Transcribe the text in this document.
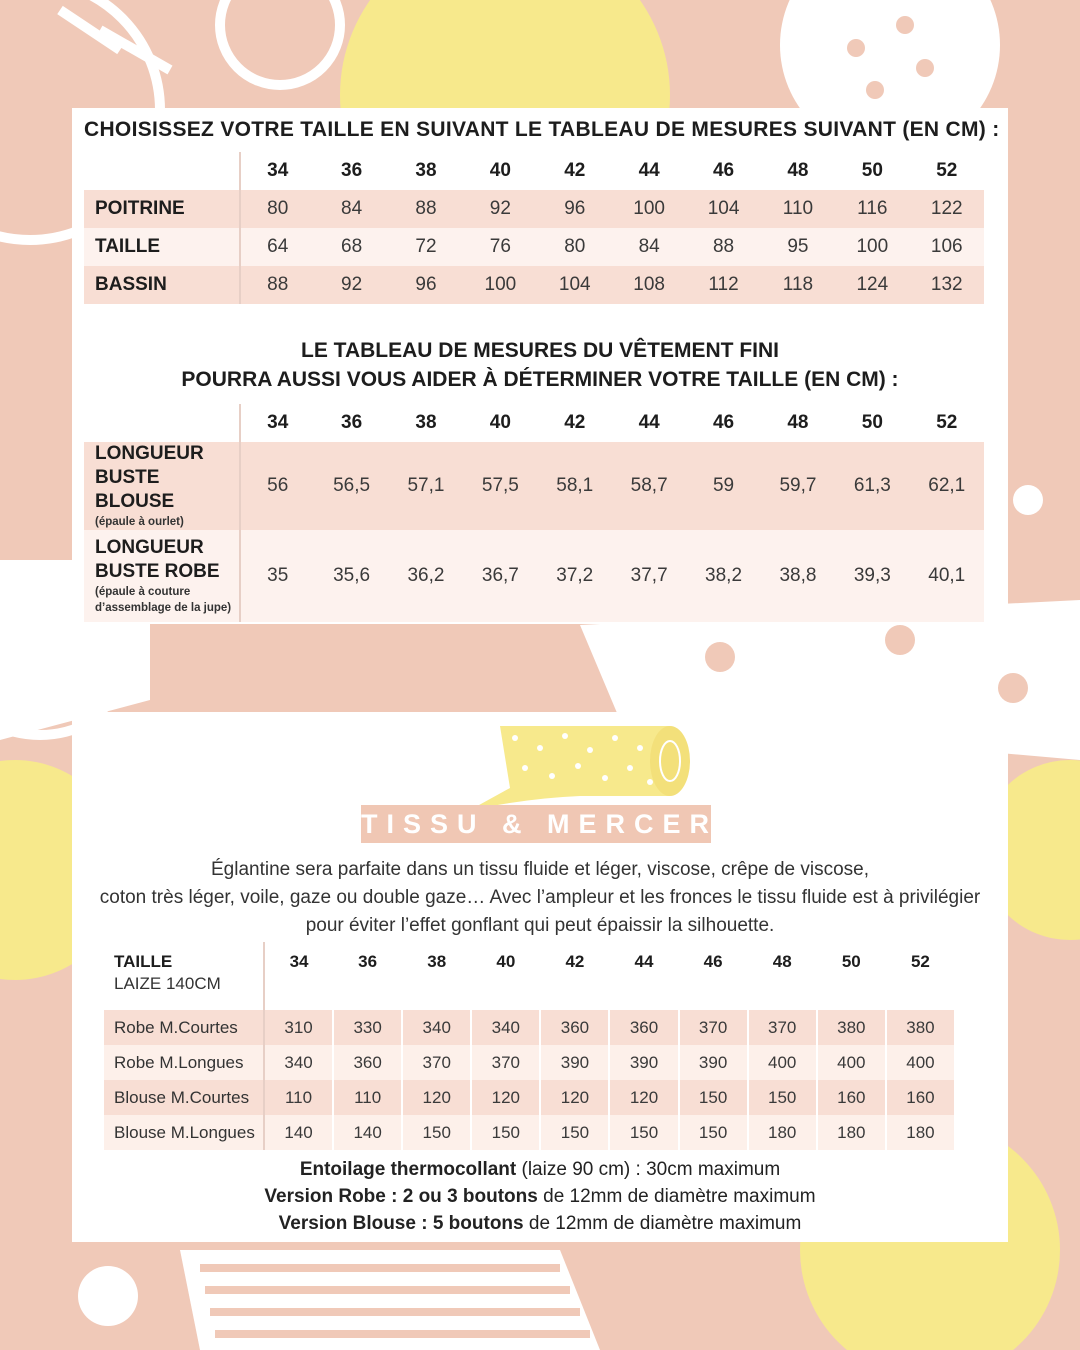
CHOISISSEZ VOTRE TAILLE EN SUIVANT LE TABLEAU DE MESURES SUIVANT (EN CM) :
	34	36	38	40	42	44	46	48	50	52
POITRINE	80	84	88	92	96	100	104	110	116	122
TAILLE	64	68	72	76	80	84	88	95	100	106
BASSIN	88	92	96	100	104	108	112	118	124	132
LE TABLEAU DE MESURES DU VÊTEMENT FINI
POURRA AUSSI VOUS AIDER À DÉTERMINER VOTRE TAILLE (EN CM) :
	34	36	38	40	42	44	46	48	50	52

LONGUEUR
BUSTE BLOUSE
(épaule à ourlet)	56	56,5	57,1	57,5	58,1	58,7	59	59,7	61,3	62,1

LONGUEUR
BUSTE ROBE
(épaule à couture
d’assemblage de la jupe)	35	35,6	36,2	36,7	37,2	37,7	38,2	38,8	39,3	40,1
TISSU & MERCERIE
Églantine sera parfaite dans un tissu fluide et léger, viscose, crêpe de viscose,
coton très léger, voile, gaze ou double gaze… Avec l’ampleur et les fronces le tissu fluide est à privilégier
pour éviter l’effet gonflant qui peut épaissir la silhouette.
TAILLE
LAIZE 140CM	34	36	38	40	42	44	46	48	50	52
Robe M.Courtes	310	330	340	340	360	360	370	370	380	380
Robe M.Longues	340	360	370	370	390	390	390	400	400	400
Blouse M.Courtes	110	110	120	120	120	120	150	150	160	160
Blouse M.Longues	140	140	150	150	150	150	150	180	180	180
Entoilage thermocollant (laize 90 cm) : 30cm maximum
Version Robe : 2 ou 3 boutons de 12mm de diamètre maximum
Version Blouse : 5 boutons de 12mm de diamètre maximum
